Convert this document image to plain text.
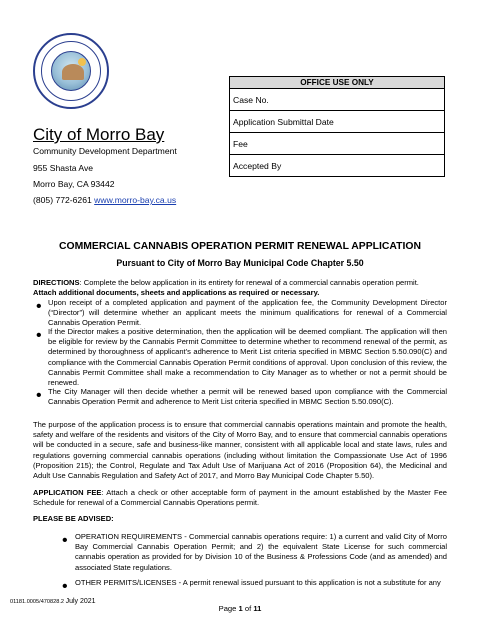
City of Morro Bay
Community Development Department
955 Shasta Ave
Morro Bay, CA 93442
(805) 772-6261 www.morro-bay.ca.us
OFFICE USE ONLY
Case No.
Application Submittal Date
Fee
Accepted By
COMMERCIAL CANNABIS OPERATION PERMIT RENEWAL APPLICATION
Pursuant to City of Morro Bay Municipal Code Chapter 5.50
DIRECTIONS: Complete the below application in its entirety for renewal of a commercial cannabis operation permit.
Attach additional documents, sheets and applications as required or necessary.
• Upon receipt of a completed application and payment of the application fee, the Community Development Director (“Director”) will determine whether an applicant meets the minimum qualifications for renewal of a Commercial Cannabis Operation Permit.
• If the Director makes a positive determination, then the application will be deemed compliant. The application will then be eligible for review by the Cannabis Permit Committee to determine whether to recommend renewal of the permit, as determined by thoroughness of applicant’s adherence to Merit List criteria specified in MBMC Section 5.50.090(C) and compliance with the Commercial Cannabis Operation Permit conditions of approval. Upon conclusion of this review, the Cannabis Permit Committee shall make a recommendation to City Manager as to whether or not a permit should be renewed.
• The City Manager will then decide whether a permit will be renewed based upon compliance with the Commercial Cannabis Operation Permit and adherence to Merit List criteria specified in MBMC Section 5.50.090(C).
The purpose of the application process is to ensure that commercial cannabis operations maintain and promote the health, safety and welfare of the residents and visitors of the City of Morro Bay, and to ensure that commercial cannabis operations will be conducted in a secure, safe and business-like manner, consistent with all applicable local and state laws, rules and regulations governing commercial cannabis operations (including without limitation the Compassionate Use Act of 1996 (Proposition 215); the Control, Regulate and Tax Adult Use of Marijuana Act of 2016 (Proposition 64), the Medicinal and Adult Use Cannabis Regulation and Safety Act of 2017, and Morro Bay Municipal Code Chapter 5.50).
APPLICATION FEE: Attach a check or other acceptable form of payment in the amount established by the Master Fee Schedule for renewal of a Commercial Cannabis Operations permit.
PLEASE BE ADVISED:
• OPERATION REQUIREMENTS - Commercial cannabis operations require: 1) a current and valid City of Morro Bay Commercial Cannabis Operation Permit; and 2) the equivalent State License for such commercial cannabis operation as provided for by Division 10 of the Business & Professions Code (and as amended) and associated State regulations.
• OTHER PERMITS/LICENSES - A permit renewal issued pursuant to this application is not a substitute for any
01181.0005/470828.2 July 2021
Page 1 of 11
